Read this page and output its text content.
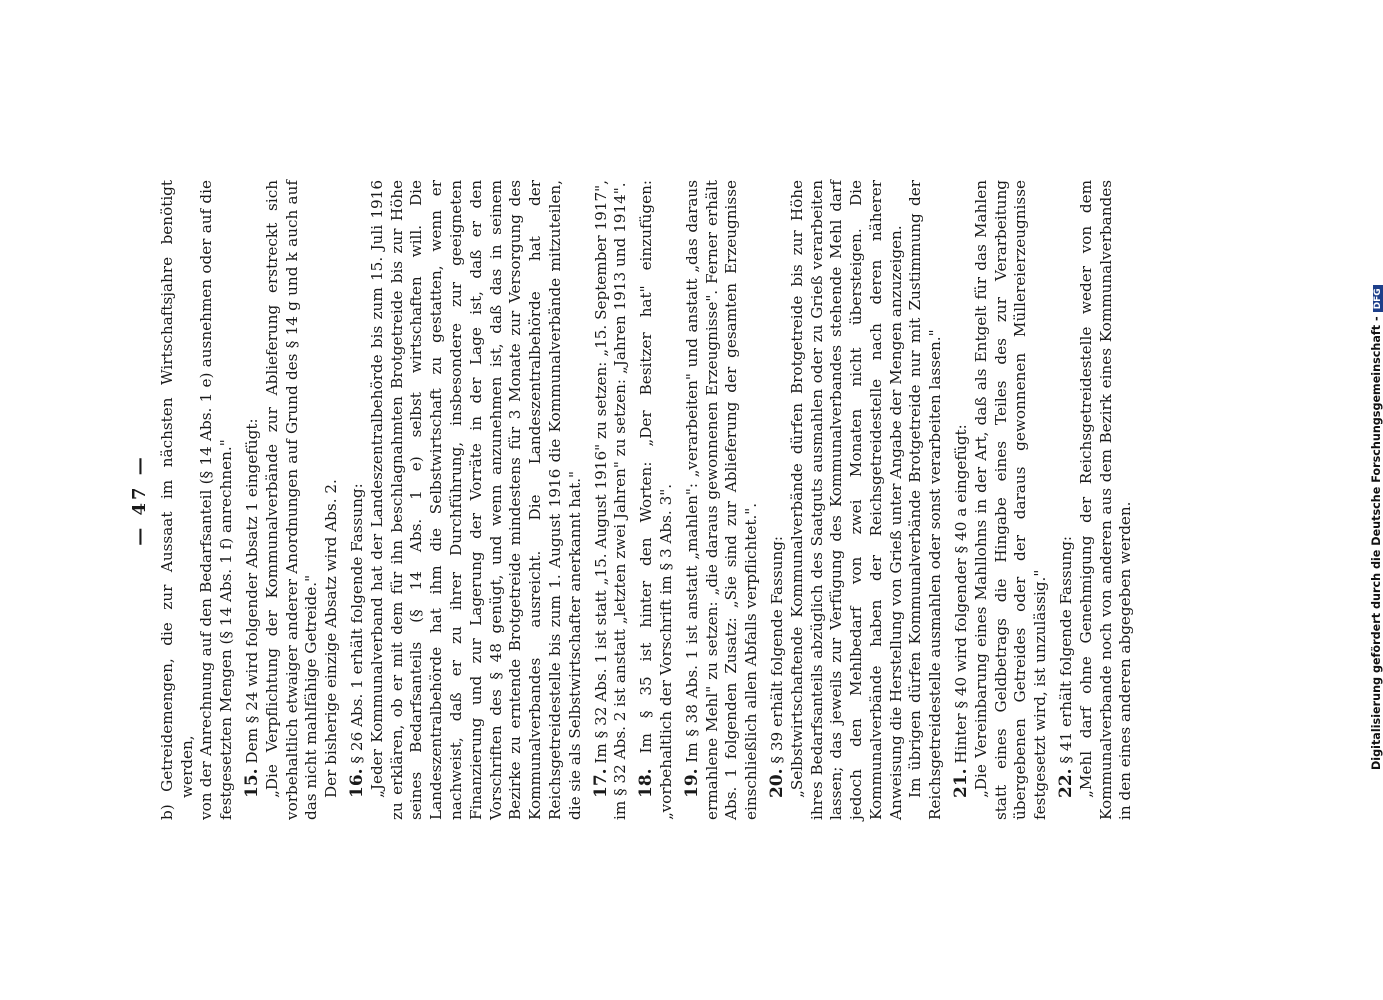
— 47 — b) Getreidemengen, die zur Aussaat im nächsten Wirtschaftsjahre benötigt werden, von der Anrechnung auf den Bedarfsanteil (§ 14 Abs. 1 e) ausnehmen oder auf die festgesetzten Mengen (§ 14 Abs. 1 f) anrechnen." 15. Dem § 24 wird folgender Absatz 1 eingefügt: „Die Verpflichtung der Kommunalverbände zur Ablieferung erstreckt sich vorbehaltlich etwaiger anderer Anordnungen auf Grund des § 14 g und k auch auf das nicht mahlfähige Getreide." Der bisherige einzige Absatz wird Abs. 2. 16. § 26 Abs. 1 erhält folgende Fassung: „Jeder Kommunalverband hat der Landeszentralbehörde bis zum 15. Juli 1916 zu erklären, ob er mit dem für ihn beschlagnahmten Brotgetreide bis zur Höhe seines Bedarfsanteils (§ 14 Abs. 1 e) selbst wirtschaften will. Die Landeszentralbehörde hat ihm die Selbstwirtschaft zu gestatten, wenn er nachweist, daß er zu ihrer Durchführung, insbesondere zur geeigneten Finanzierung und zur Lagerung der Vorräte in der Lage ist, daß er den Vorschriften des § 48 genügt, und wenn anzunehmen ist, daß das in seinem Bezirke zu erntende Brotgetreide mindestens für 3 Monate zur Versorgung des Kommunalverbandes ausreicht. Die Landeszentralbehörde hat der Reichsgetreidestelle bis zum 1. August 1916 die Kommunalverbände mitzuteilen, die sie als Selbstwirtschafter anerkannt hat." 17. Im § 32 Abs. 1 ist statt „15. August 1916" zu setzen: „15. September 1917", im § 32 Abs. 2 ist anstatt „letzten zwei Jahren" zu setzen: „Jahren 1913 und 1914". 18. Im § 35 ist hinter den Worten: „Der Besitzer hat" einzufügen: „vorbehaltlich der Vorschrift im § 3 Abs. 3". 19. Im § 38 Abs. 1 ist anstatt „mahlen": „verarbeiten" und anstatt „das daraus ermahlene Mehl" zu setzen: „die daraus gewonnenen Erzeugnisse". Ferner erhält Abs. 1 folgenden Zusatz: „Sie sind zur Ablieferung der gesamten Erzeugnisse einschließlich allen Abfalls verpflichtet.". 20. § 39 erhält folgende Fassung: „Selbstwirtschaftende Kommunalverbände dürfen Brotgetreide bis zur Höhe ihres Bedarfsanteils abzüglich des Saatguts ausmahlen oder zu Grieß verarbeiten lassen; das jeweils zur Verfügung des Kommunalverbandes stehende Mehl darf jedoch den Mehlbedarf von zwei Monaten nicht übersteigen. Die Kommunalverbände haben der Reichsgetreidestelle nach deren näherer Anweisung die Herstellung von Grieß unter Angabe der Mengen anzuzeigen. Im übrigen dürfen Kommunalverbände Brotgetreide nur mit Zustimmung der Reichsgetreidestelle ausmahlen oder sonst verarbeiten lassen." 21. Hinter § 40 wird folgender § 40 a eingefügt: „Die Vereinbarung eines Mahllohns in der Art, daß als Entgelt für das Mahlen statt eines Geldbetrags die Hingabe eines Teiles des zur Verarbeitung übergebenen Getreides oder der daraus gewonnenen Müllereierzeugnisse festgesetzt wird, ist unzulässig." 22. § 41 erhält folgende Fassung: „Mehl darf ohne Genehmigung der Reichsgetreidestelle weder von dem Kommunalverbande noch von anderen aus dem Bezirk eines Kommunalverbandes in den eines anderen abgegeben werden.	Digitalisierung gefördert durch die Deutsche Forschungsgemeinschaft -DFG
